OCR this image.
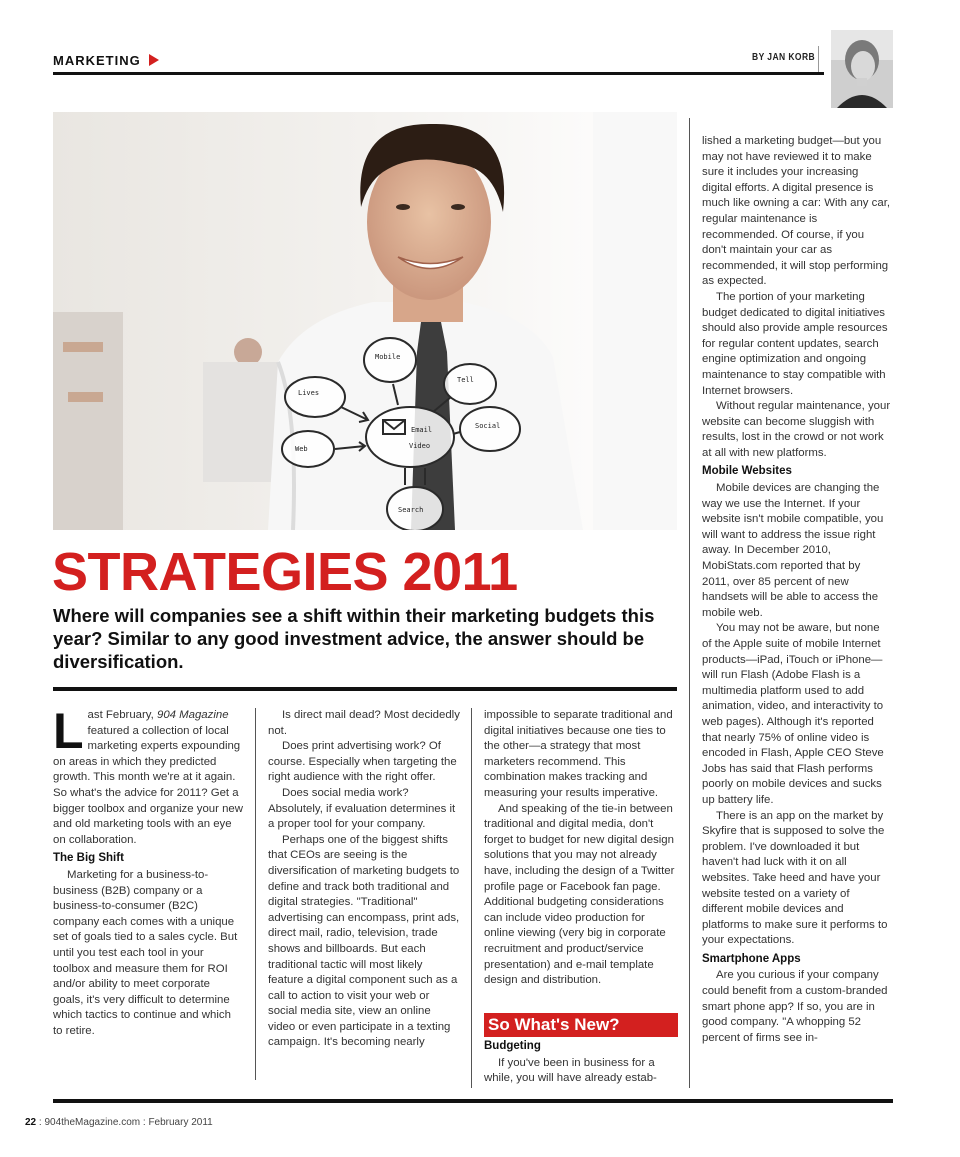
MARKETING	BY JAN KORB
Lives
Mobile
Tell
Email	Social
Web
Search
Video
STRATEGIES 2011
Where will companies see a shift within their marketing budgets this year? Similar to any good investment advice, the answer should be diversification.

Last February, 904 Magazine featured a collection of local marketing experts expounding on areas in which they predicted growth. This month we're at it again. So what's the advice for 2011? Get a bigger toolbox and organize your new and old marketing tools with an eye on collaboration.

The Big Shift

Marketing for a business-to-business (B2B) company or a business-to-consumer (B2C) company each comes with a unique set of goals tied to a sales cycle. But until you test each tool in your toolbox and measure them for ROI and/or ability to meet corporate goals, it's very difficult to determine which tactics to continue and which to retire.

Is direct mail dead? Most decidedly not.

Does print advertising work? Of course. Especially when targeting the right audience with the right offer.

Does social media work? Absolutely, if evaluation determines it a proper tool for your company.

Perhaps one of the biggest shifts that CEOs are seeing is the diversification of marketing budgets to define and track both traditional and digital strategies. "Traditional" advertising can encompass, print ads, direct mail, radio, television, trade shows and billboards. But each traditional tactic will most likely feature a digital component such as a call to action to visit your web or social media site, view an online video or even participate in a texting campaign. It's becoming nearly

impossible to separate traditional and digital initiatives because one ties to the other—a strategy that most marketers recommend. This combination makes tracking and measuring your results imperative.

And speaking of the tie-in between traditional and digital media, don't forget to budget for new digital design solutions that you may not already have, including the design of a Twitter profile page or Facebook fan page. Additional budgeting considerations can include video production for online viewing (very big in corporate recruitment and product/service presentation) and e-mail template design and distribution.

So What's New?
Budgeting

If you've been in business for a while, you will have already estab-

lished a marketing budget—but you may not have reviewed it to make sure it includes your increasing digital efforts. A digital presence is much like owning a car: With any car, regular maintenance is recommended. Of course, if you don't maintain your car as recommended, it will stop performing as expected.

The portion of your marketing budget dedicated to digital initiatives should also provide ample resources for regular content updates, search engine optimization and ongoing maintenance to stay compatible with Internet browsers.

Without regular maintenance, your website can become sluggish with results, lost in the crowd or not work at all with new platforms.

Mobile Websites

Mobile devices are changing the way we use the Internet. If your website isn't mobile compatible, you will want to address the issue right away. In December 2010, MobiStats.com reported that by 2011, over 85 percent of new handsets will be able to access the mobile web.

You may not be aware, but none of the Apple suite of mobile Internet products—iPad, iTouch or iPhone—will run Flash (Adobe Flash is a multimedia platform used to add animation, video, and interactivity to web pages). Although it's reported that nearly 75% of online video is encoded in Flash, Apple CEO Steve Jobs has said that Flash performs poorly on mobile devices and sucks up battery life.

There is an app on the market by Skyfire that is supposed to solve the problem. I've downloaded it but haven't had luck with it on all websites. Take heed and have your website tested on a variety of different mobile devices and platforms to make sure it performs to your expectations.

Smartphone Apps

Are you curious if your company could benefit from a custom-branded smart phone app? If so, you are in good company. "A whopping 52 percent of firms see in-

22 : 904theMagazine.com : February 2011
